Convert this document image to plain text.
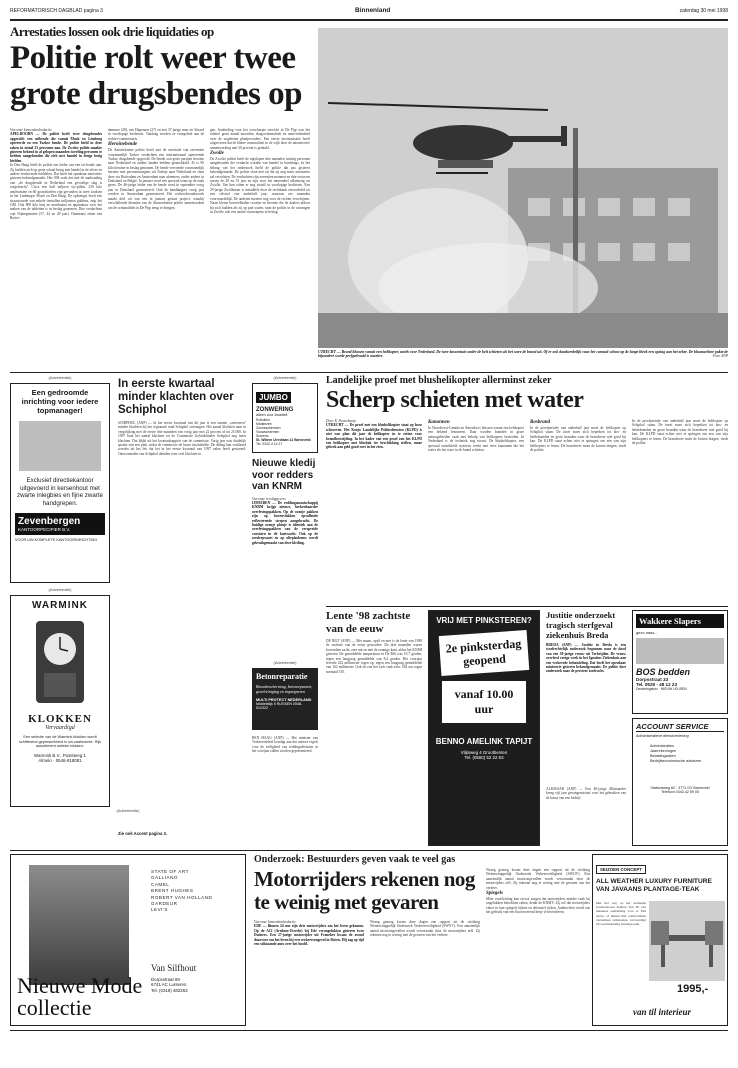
REFORMATORISCH DAGBLAD pagina 3	Binnenland	zaterdag 30 mei 1998
Arrestaties lossen ook drie liquidaties op
Politie rolt weer twee grote drugsbendes op
Van onze binnenlandredactie
APELDOORN — De politie heeft twee drugsbendes opgerold: een uitbende die vanuit Mook en Limburg opereerde en een Turkse bende. De politie hield in deze zaken in totaal 23 personen aan. De Zwolse politie maakte gisteren bekend in al gelopen maanden tweeling personen te hebben aangehouden die zich met handel in drugs bezig hielden.
In Den Haag hield de politie een leider van een tot-bende aan. Zij hielden zich op grote schaal bezig met handel in de zilver en andere verdovende middelen. Dat heeft het openbaar ministerie gisteren bekendgemaakt. Het OM zoek dat met de aanhouding van ,,de drugsbende in Nederland een gevoelige slag is toegebracht''. Circa een half miljoen xtc-pillen, 250 kilo amfetamine en 60 grondstoffen zijn gevonden in twee loodsen in het Limburgse Mook en Den Haag. De opbrengst heeft een straatwaarde van enkele tientallen miljoenen guldens, zegt het OM. Ook 800 kilo hasj en marihuana en apparatuur voor het maken van de tabletten is in beslag genomen. Drie verdachten zijn Nijmegenaren (37, 44 en 29 jaar). Daarnaast zitten een Rotter-
dammer (28), een Hagenaar (27) en een 37-jarige man uit Sittard in voorlopige hechtenis. Vandaag worden ze voorgeleid aan de rechter-commissaris.
Heroïnebende
De Amsterdamse politie heeft met de arrestatie van zeventien voornamelijk Turkse verdachten een internationaal opererende Turkse drugsbende opgerold. De bende zou grote partijen heroïne naar Nederland en andere landen hebben gesmokkeld. Er is 90 kilo heroïne in beslag genomen. De bende vervoerde voornamelijk heroïne met personenwagens uit Turkije naar Nederland en slaat deze via Rotterdam en Amsterdam naar afnemers, onder andere in Duitsland en België. In januari werd een speciaal team op de zaak gezet. De 46-jarige leider van de bende werd in september vorig jaar in Duitsland gearresteerd. Ook de handlangers vorig jaar werden in Amsterdam gearresteerd. Het rechercheonderzoek maakt deel uit van een in januari gestart project, waarbij verschillende diensten van de Amsterdamse politie samenwerken om de criminaliteit in De Pijp terug te dringen.
gen. Aanleiding voor het verscherpte toezicht in De Pijp was het relatief grote aantal moorden, drugscriminaliteit en ontevredenheid over de zogeheten plantjesvaders. Een eerste inventarisatie heeft uitgewezen dat de kleine criminaliteit in de wijk door de intensievere samenwerking met 30 procent is gedaald.
Zwolle
De Zwolse politie heeft de afgelopen drie maanden twintig personen aangehouden die verdacht worden van handel in harddrugs. In het belang van het onderzoek hield de politie dat pas gisteren bekendgemaakt. De politie sloot niet uit dat zij nog meer arrestaties zal verrichten. De verdachten zijn zeventien mannen en drie vrouwen tussen de 20 en 53 jaar en zijn voor het merendeel afkomstig uit Zwolle. Van hen zitten er nog twaalf in voorlopige hechtenis. Een 29-jarige Zwollenaar is inmiddels door de rechtbank veroordeeld tot een celstraf van anderhalf jaar, waarvan zes maanden voorwaardelijk. De anderen moeten nog voor de rechter verschijnen. Naast kleine hoeveelheden cocaïne en heroïne die de dealers aldoor bij zich hadden als zij op pad waren, nam de politie in de woningen in Zwolle ook een aantal vuurwapens in beslag.
UTRECHT — Brand blussen vanuit een helikopter, uniek voor Nederland. De twee bassentuin onder de heli schieten als het ware de brand uit. Of er ook daadwerkelijk vuur het carnaal schoot op de lange bleek een opslag aan het zeker. De blusmachine pakte de bijzondere worde prefgedraaid is onzeker.	Foto ANP
(Advertentie)
Een gedroomde inrichting voor iedere topmanager!
Exclusief directiekantoor uitgevoerd in kersenhout met zwarte inlegbies en fijne zwarte handgrepen.
Zevenbergen
KANTOORPECIFIER B.V.
VOOR UW KOMPLETE KANTOORINRICHTING
(Advertentie)
WARMINK
KLOKKEN
Vervaardigd
Een selectie van de Warmink klokken wordt schitterend gepresenteerd in uw zaakruimte. Rijk assortiment antieke klokken.
Warmink B.V., Poststeeg 1
Almelo · 0546-818081
In eerste kwartaal minder klachten over Schiphol
SCHIPHOL (ANP) — In het eerste kwartaal van dit jaar is een tamme ,,sneeuwen'' minder klachten bij het regionaal rond Schiphol ontvangen. Het aantal klachten nam in vergelijking met de eerste drie maanden van vorig jaar met 22 procent af tot 25.000. In 1997 brak het aantal klachten uit de Commissie Geluidshinder Schiphol nog meer klachten. Dat blijkt uit het kwartaalrapport van de commissie. Vorig jaar was duidelijk sprake van een piek, zodat de commissie de buurt inschakelde. De daling kan verklaard worden uit het feit dat het in het eerste kwartaal van 1997 vaker heeft gestormd. Omwonenden van Schiphol dienden toen veel klachten in.
Zie ook Accent pagina 3.
(Advertentie)
JUMBO
ZONWERING
alleen voor kwaliteit
Rolluiken
Markiezen
Zonneschermen
Vouwschermen
Screens
St. Willem Ulrediaan 12 Barneveld
Tel. 0342-4 14 27
Nieuwe kledij voor redders van KNRM
Van onze verslaggevers
IJMUIDEN — De reddingsmaatschappij KNRM krijgt nieuwe, herkenbaarder overlevingspakken. Op de oranje pakken zijn op bovenvlakken opvallende reflecterende strepen aangebracht. De huidige oranje plunje is identiek aan de overlevingspakken van de verspreide cursisten in de kustwacht. Ook op de zeesleepvaart en op olieplatforms wordt gebruikgemaakt van deze kleding.
(Advertentie)
Betonreparatie
Betonbescherming, betonreparatie, gevelreiniging en impregneren
MULTI PROTECT NEDERLAND
Middelstijk 5 RIJSSEN 0548-512322
BEN HAAG (ANP) — Het minister van Verkeersbeleid kondigt aan dat nieuwe regels voor de veiligheid van reddingsdiensten in het voorjaar zullen worden gepresenteerd.
Landelijke proef met blushelikopter allerminst zeker
Scherp schieten met water
Door R. Pasterkamp
UTRECHT — De proef met een blushelikopter staat op losse schroeven. Het Korps Landelijke Politiediensten (KLPD) is niet van plan dit jaar de helikopter in te zetten voor brandbestrijding. In het kader van een proef zou het KLPD een helikopter met blusbak ter beschikking stellen, maar gebrek aan geld gooit roet in het eten.
Kanonnen
In Noordwest-Canada en Amerika is blussen vanuit een helikopter een bekend fenomeen. Daar worden branden in grote natuurgebieden vaak met behulp van helikopters bestreden. In Nederland is de techniek nog nieuw. De blushelikopter, een speciaal ontwikkeld systeem, werkt met twee kanonnen die het water als het ware in de brand schieten.
Bosbrand
In de proefperiode van anderhalf jaar moet de helikopter op Schiphol staan. De inzet moet zich beperken tot bos- en heidebranden en grote branden waar de brandweer niet goed bij kan. De KLPD staat echter niet te springen om een van zijn helikopters te lenen. De brandweer moet de kosten dragen, vindt de politie.
In de proefperiode van anderhalf jaar moet de helikopter op Schiphol staan. De inzet moet zich beperken tot bos- en heidebranden en grote branden waar de brandweer niet goed bij kan. De KLPD staat echter niet te springen om een van zijn helikopters te lenen. De brandweer moet de kosten dragen, vindt de politie.
Lente '98 zachtste van de eeuw
DE BILT (ANP) — Mei maart, april en mei is de lente van 1998 de zachtste van de eeuw geworden. De drie maanden waren bovendien zacht, zeer nat en met de zonnige kant, aldus het KNMI gisteren. De gemiddelde temperatuur in De Bilt was 10,7 graden, tegen een langjarig gemiddelde van 8,4 graden. Het voorjaar leverde 242 millimeter regen op, tegen een langjarig gemiddelde van 162 millimeter. Ook de zon liet zich vaak zien: 562 uur tegen normaal 510.
VRIJ MET PINKSTEREN?
2e pinksterdag geopend
vanaf 10.00 uur
BENNO AMELINK TAPIJT
Vlijtsweg 4 Grootbenten
Tel. (0550) 52 22 53
Justitie onderzoekt tragisch sterfgeval ziekenhuis Breda
BREDA (ANP) — Justitie in Breda is een strafrechtelijk onderzoek begonnen naar de dood van een 39-jarige vrouw uit Terheijden. De vrouw overleed vorige week in het Ignatius Ziekenhuis aan een verkeerde behandeling. Dat heeft het openbaar ministerie gisteren bekendgemaakt. De politie doet onderzoek naar de precieze toedracht.
ALKMAAR (ANP) — Een 40-jarige Alkmaarder kreeg vijf jaar gevangenisstraf voor het gebruiken van de kassa van een bedrijf.
Wakkere Slapers
gezo nass...
BOS bedden
Dorpsstraat 33
Tel. 0529 - 48 12 23
Deuteringsbox · NIEUW LEUSEN
ACCOUNT SERVICE
Administratieve dienstverlening
Administraties
Jaarrekeningen
Belastingzaken
Bedrijfseconomische adviezen
Stationsweg 60 · 3771 GV Barneveld
Telefoon 0342-42 59 05
(Advertentie)
Nieuwe Mode collectie
STATE OF ART
GALLIANO
CAMEL
BRENT HUGHES
ROBERT VAN HOLLAND
GARDEUR
LEVI'S
Van Silfhout
Dorpsstraat 89
6741 AC Lunteren
Tel. (0318) 482263
Onderzoek: Bestuurders geven vaak te veel gas
Motorrijders rekenen nog te weinig met gevaren
Van onze binnenlandredactie
EDE — Binnen 24 uur zijn drie motorrijders om het leven gekomen. Op de A12 (Arnhem-Utrecht) bij Ede verongelukten gisteren twee Duitsers. Een 27-jarige motorrijder uit Franeker kwam de avond daarvoor om het leven bij een verkeersongeval in Sloten. Hij zag op tijd een stilstaande auto over het hoofd.
Wrang genoeg kwam deze dagen een rapport uit de stichting Wetenschappelijk Onderzoek Verkeersveiligheid (SWOV). Een aanzienlijk aantal motorongevallen wordt veroorzaakt door de motorrijders zelf. Zij rekenen nog te weinig met de gevaren van het verkeer.
Wrang genoeg kwam deze dagen een rapport uit de stichting Wetenschappelijk Onderzoek Verkeersveiligheid (SWOV). Een aanzienlijk aantal motorongevallen wordt veroorzaakt door de motorrijders zelf. Zij rekenen nog te weinig met de gevaren van het verkeer.
Spiegels
Meer voorlichting kan ervoor zorgen dat motorrijders minder vaak bij ongelukken betrokken raken, denkt de KNMV. Zij wil dat motorrijders vaker in hun spiegels kijken en defensief rijden. Aanbevolen wordt om het gebruik van een fluorescerend hesje te bevorderen.
SEIZOEN CONCEPT
ALL WEATHER LUXURY FURNITURE VAN JAVAANS PLANTAGE-TEAK
Met het oog op het komende zomerseizoen hebben Van Til een luxueuze aanbieding voor u. Een terras- of tuinset met comfortabele verstelbare armstoelen, vervaardigd uit weerbestendig plantage-teak.
1995,-
van til interieur
